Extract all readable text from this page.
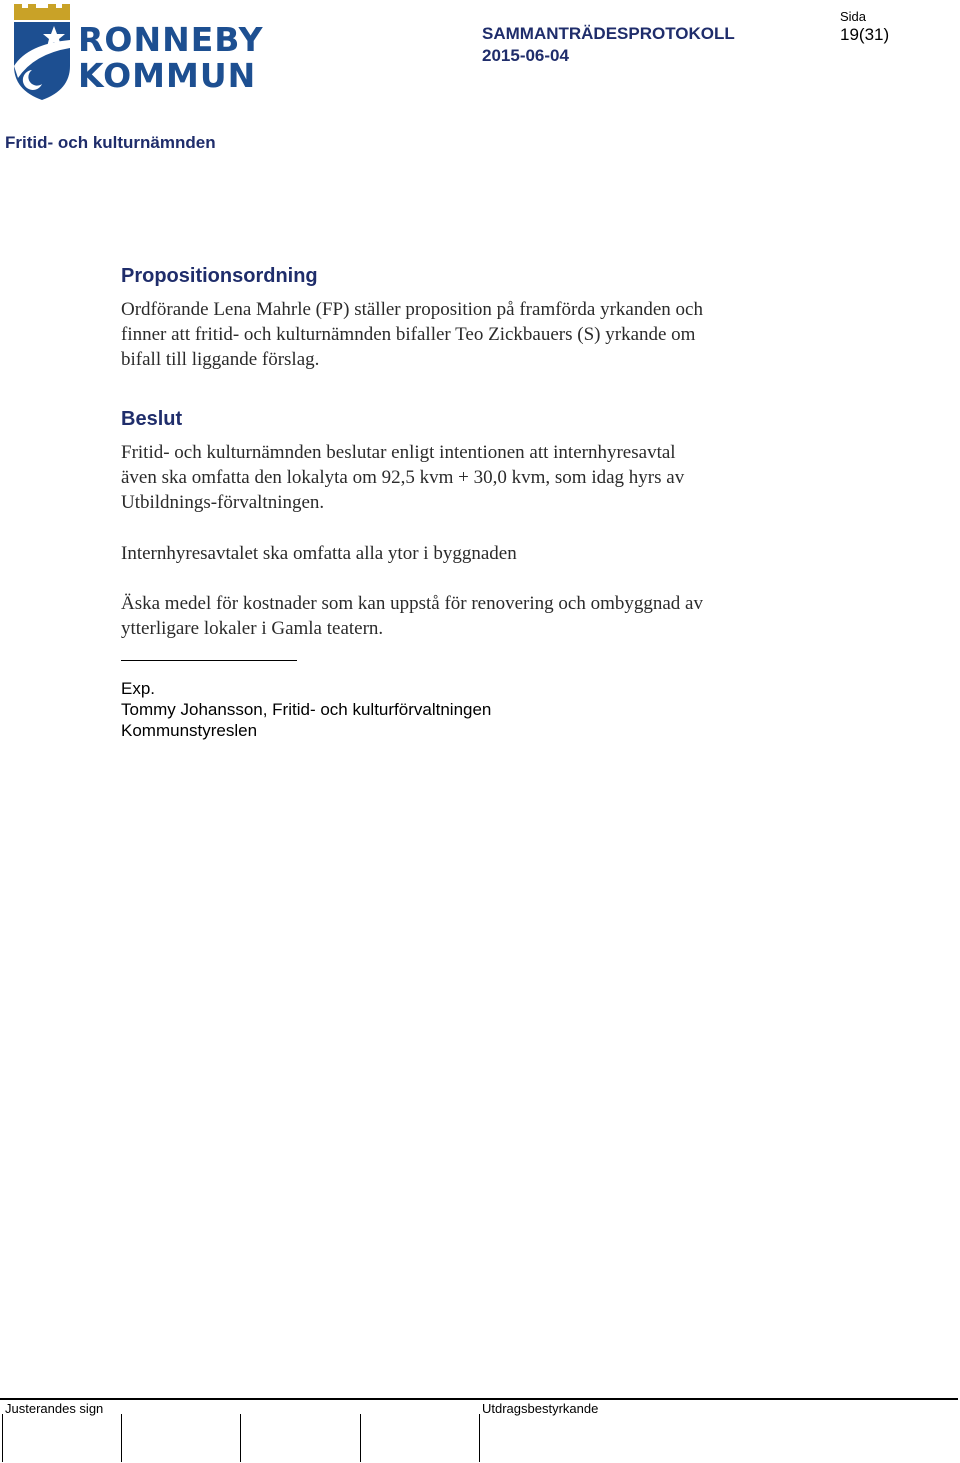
RONNEBY
KOMMUN
SAMMANTRÄDESPROTOKOLL
2015-06-04
Sida
19(31)
Fritid- och kulturnämnden
Propositionsordning
Ordförande Lena Mahrle (FP) ställer proposition på framförda yrkanden och
finner att fritid- och kulturnämnden bifaller Teo Zickbauers (S) yrkande om
bifall till liggande förslag.
Beslut
Fritid- och kulturnämnden beslutar enligt intentionen att internhyresavtal
även ska omfatta den lokalyta om 92,5 kvm + 30,0 kvm, som idag hyrs av
Utbildnings-förvaltningen.
Internhyresavtalet ska omfatta alla ytor i byggnaden
Äska medel för kostnader som kan uppstå för renovering och ombyggnad av
ytterligare lokaler i Gamla teatern.
Exp.
Tommy Johansson, Fritid- och kulturförvaltningen
Kommunstyreslen
Justerandes sign	Utdragsbestyrkande
